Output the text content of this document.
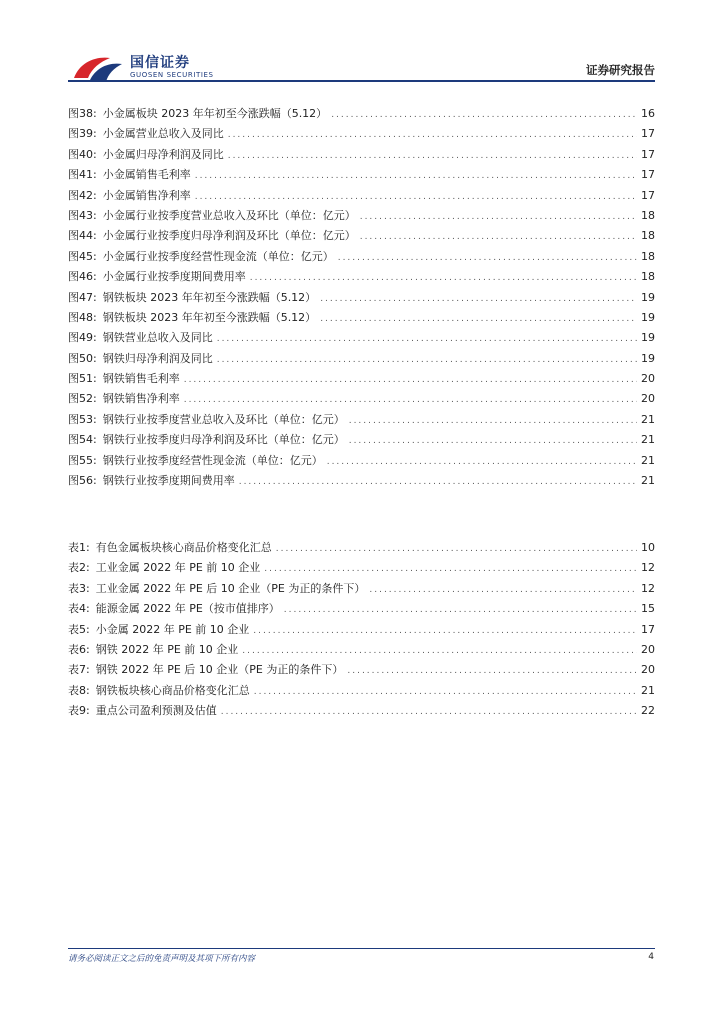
国信证券
GUOSEN SECURITIES	证券研究报告
图38: 小金属板块 2023 年年初至今涨跌幅（5.12） .....	16
图39: 小金属营业总收入及同比 .....	17
图40: 小金属归母净利润及同比 .....	17
图41: 小金属销售毛利率 .....	17
图42: 小金属销售净利率 .....	17
图43: 小金属行业按季度营业总收入及环比（单位：亿元） .....	18
图44: 小金属行业按季度归母净利润及环比（单位：亿元） .....	18
图45: 小金属行业按季度经营性现金流（单位：亿元） .....	18
图46: 小金属行业按季度期间费用率 .....	18
图47: 钢铁板块 2023 年年初至今涨跌幅（5.12） .....	19
图48: 钢铁板块 2023 年年初至今涨跌幅（5.12） .....	19
图49: 钢铁营业总收入及同比 .....	19
图50: 钢铁归母净利润及同比 .....	19
图51: 钢铁销售毛利率 .....	20
图52: 钢铁销售净利率 .....	20
图53: 钢铁行业按季度营业总收入及环比（单位：亿元） .....	21
图54: 钢铁行业按季度归母净利润及环比（单位：亿元） .....	21
图55: 钢铁行业按季度经营性现金流（单位：亿元） .....	21
图56: 钢铁行业按季度期间费用率 .....	21
表1: 有色金属板块核心商品价格变化汇总 .....	10
表2: 工业金属 2022 年 PE 前 10 企业 .....	12
表3: 工业金属 2022 年 PE 后 10 企业（PE 为正的条件下） .....	12
表4: 能源金属 2022 年 PE（按市值排序） .....	15
表5: 小金属 2022 年 PE 前 10 企业 .....	17
表6: 钢铁 2022 年 PE 前 10 企业 .....	20
表7: 钢铁 2022 年 PE 后 10 企业（PE 为正的条件下） .....	20
表8: 钢铁板块核心商品价格变化汇总 .....	21
表9: 重点公司盈利预测及估值 .....	22
请务必阅读正文之后的免责声明及其项下所有内容	4
